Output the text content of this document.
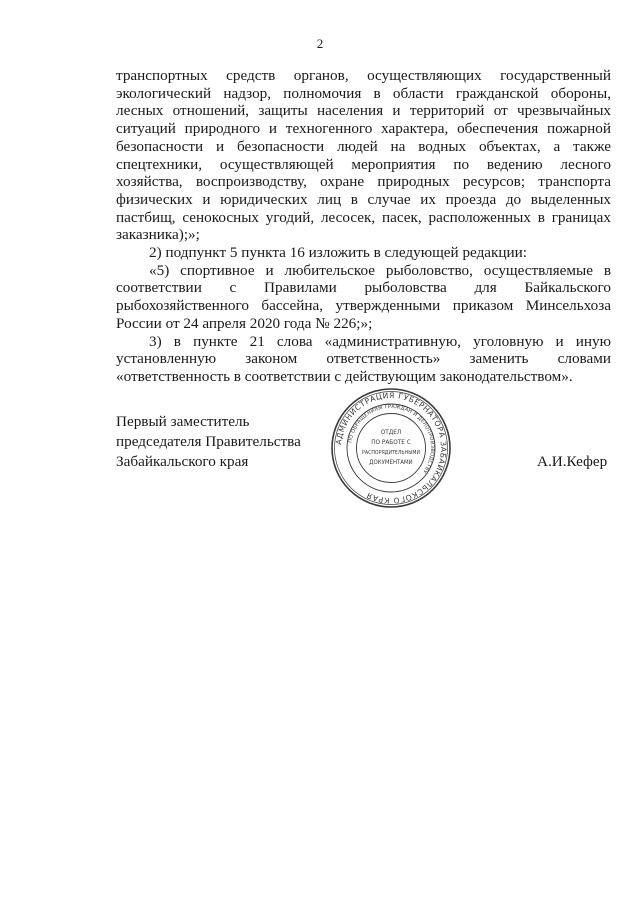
2

транспортных средств органов, осуществляющих государственный экологический надзор, полномочия в области гражданской обороны, лесных отношений, защиты населения и территорий от чрезвычайных ситуаций природного и техногенного характера, обеспечения пожарной безопасности и безопасности людей на водных объектах, а также спецтехники, осуществляющей мероприятия по ведению лесного хозяйства, воспроизводству, охране природных ресурсов; транспорта физических и юридических лиц в случае их проезда до выделенных пастбищ, сенокосных угодий, лесосек, пасек, расположенных в границах заказника);»;

2) подпункт 5 пункта 16 изложить в следующей редакции:

«5) спортивное и любительское рыболовство, осуществляемые в соответствии с Правилами рыболовства для Байкальского рыбохозяйственного бассейна, утвержденными приказом Минсельхоза России от 24 апреля 2020 года № 226;»;

3) в пункте 21 слова «административную, уголовную и иную установленную законом ответственность» заменить словами «ответственность в соответствии с действующим законодательством».

Первый заместитель
председателя Правительства
Забайкальского края	А.И.Кефер
АДМИНИСТРАЦИЯ ГУБЕРНАТОРА ЗАБАЙКАЛЬСКОГО КРАЯ
ПО ОБРАЩЕНИЯМ ГРАЖДАН И ДЕЛОПРОИЗВОДСТВУ
ОТДЕЛ
ПО РАБОТЕ С
РАСПОРЯДИТЕЛЬНЫМИ
ДОКУМЕНТАМИ
